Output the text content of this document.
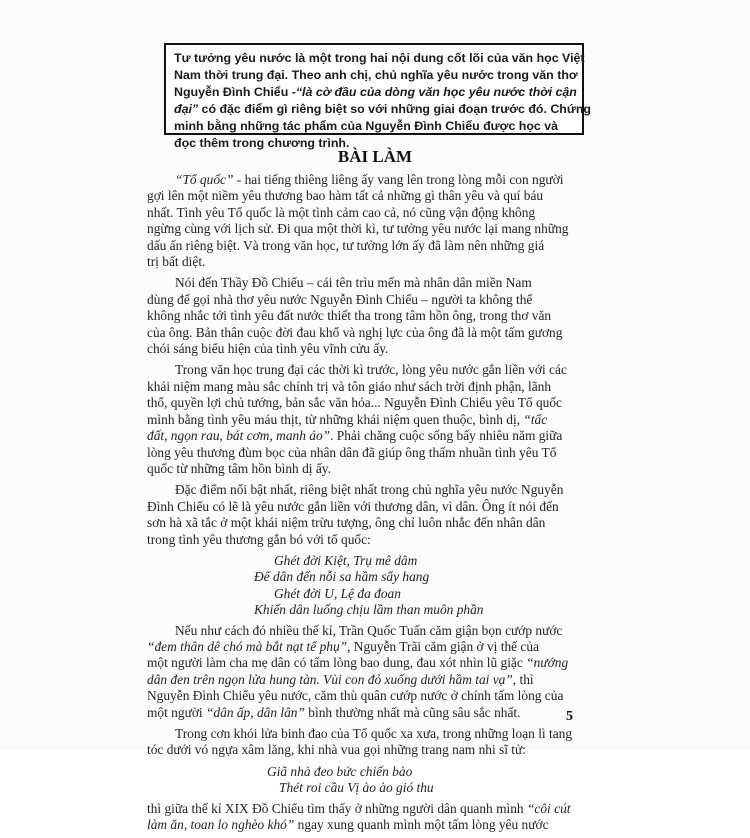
Tư tưởng yêu nước là một trong hai nội dung cốt lõi của văn học Việt
Nam thời trung đại. Theo anh chị, chủ nghĩa yêu nước trong văn thơ
Nguyễn Đình Chiểu -“là cờ đầu của dòng văn học yêu nước thời cận
đại” có đặc điểm gì riêng biệt so với những giai đoạn trước đó. Chứng
minh bằng những tác phẩm của Nguyễn Đình Chiểu được học và
đọc thêm trong chương trình.
BÀI LÀM
“Tổ quốc” - hai tiếng thiêng liêng ấy vang lên trong lòng mỗi con người
gợi lên một niềm yêu thương bao hàm tất cả những gì thân yêu và quí báu
nhất. Tình yêu Tổ quốc là một tình cảm cao cả, nó cũng vận động không
ngừng cùng với lịch sử. Đi qua một thời kì, tư tưởng yêu nước lại mang những
dấu ấn riêng biệt. Và trong văn học, tư tưởng lớn ấy đã làm nên những giá
trị bất diệt.
Nói đến Thầy Đồ Chiểu – cái tên trìu mến mà nhân dân miền Nam
dùng để gọi nhà thơ yêu nước Nguyễn Đình Chiểu – người ta không thể
không nhắc tới tình yêu đất nước thiết tha trong tâm hồn ông, trong thơ văn
của ông. Bản thân cuộc đời đau khổ và nghị lực của ông đã là một tấm gương
chói sáng biểu hiện của tình yêu vĩnh cửu ấy.
Trong văn học trung đại các thời kì trước, lòng yêu nước gắn liền với các
khái niệm mang màu sắc chính trị và tôn giáo như sách trời định phận, lãnh
thổ, quyền lợi chủ tướng, bản sắc văn hóa... Nguyễn Đình Chiểu yêu Tổ quốc
mình bằng tình yêu máu thịt, từ những khái niệm quen thuộc, bình dị, “tấc
đất, ngọn rau, bát cơm, manh áo”. Phải chăng cuộc sống bấy nhiêu năm giữa
lòng yêu thương đùm bọc của nhân dân đã giúp ông thấm nhuần tình yêu Tổ
quốc từ những tâm hồn bình dị ấy.
Đặc điểm nổi bật nhất, riêng biệt nhất trong chủ nghĩa yêu nước Nguyễn
Đình Chiểu có lẽ là yêu nước gắn liền với thương dân, vì dân. Ông ít nói đến
sơn hà xã tắc ở một khái niệm trừu tượng, ông chỉ luôn nhắc đến nhân dân
trong tình yêu thương gắn bó với tổ quốc:
Ghét đời Kiệt, Trụ mê dâm
Để dân đến nỗi sa hầm sẩy hang
Ghét đời U, Lệ đa đoan
Khiến dân luống chịu lầm than muôn phần
Nếu như cách đó nhiều thế kỉ, Trần Quốc Tuấn căm giận bọn cướp nước
“đem thân dê chó mà bắt nạt tể phụ”, Nguyễn Trãi căm giận ở vị thế của
một người làm cha mẹ dân có tấm lòng bao dung, đau xót nhìn lũ giặc “nướng
dân đen trên ngọn lửa hung tàn. Vùi con đỏ xuống dưới hầm tai vạ”, thì
Nguyễn Đình Chiểu yêu nước, căm thù quân cướp nước ở chính tấm lòng của
một người “dân ấp, dân lân” bình thường nhất mà cũng sâu sắc nhất.
Trong cơn khói lửa binh đao của Tổ quốc xa xưa, trong những loạn lì tang
tóc dưới vó ngựa xâm lăng, khi nhà vua gọi những trang nam nhi sĩ tử:
Giã nhà đeo bức chiến bào
Thét roi cầu Vị ào ào gió thu
thì giữa thế kỉ XIX Đồ Chiểu tìm thấy ở những người dân quanh mình “côi cút
làm ăn, toan lo nghèo khó” ngay xung quanh mình một tấm lòng yêu nước
5
